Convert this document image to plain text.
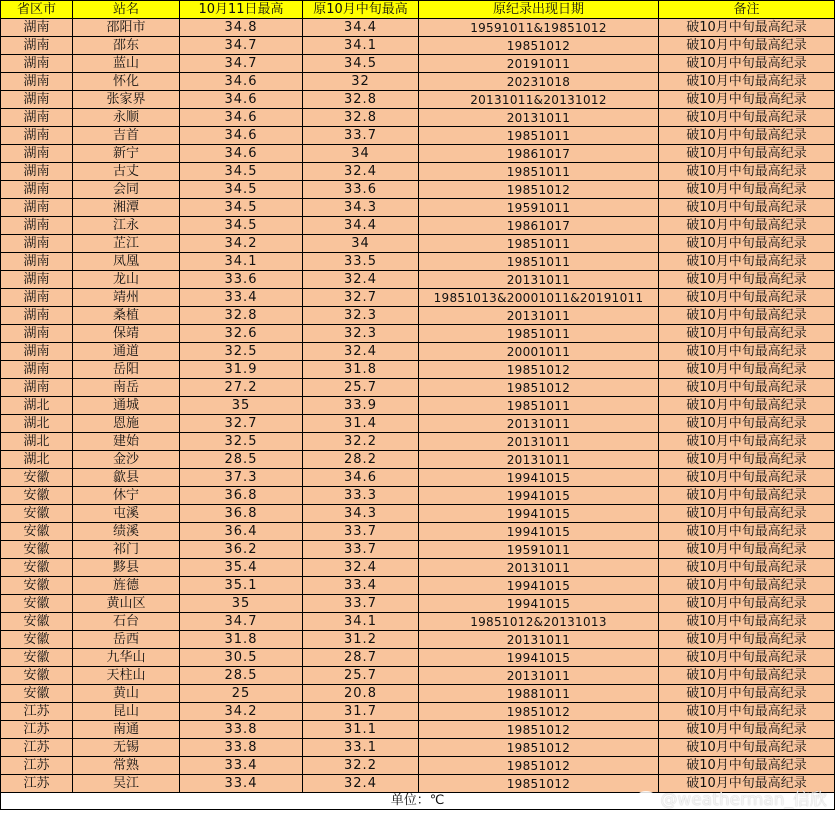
省区市	站名	10月11日最高	原10月中旬最高	原纪录出现日期	备注
湖南	邵阳市	34.8	34.4	19591011&19851012	破10月中旬最高纪录
湖南	邵东	34.7	34.1	19851012	破10月中旬最高纪录
湖南	蓝山	34.7	34.5	20191011	破10月中旬最高纪录
湖南	怀化	34.6	32	20231018	破10月中旬最高纪录
湖南	张家界	34.6	32.8	20131011&20131012	破10月中旬最高纪录
湖南	永顺	34.6	32.8	20131011	破10月中旬最高纪录
湖南	吉首	34.6	33.7	19851011	破10月中旬最高纪录
湖南	新宁	34.6	34	19861017	破10月中旬最高纪录
湖南	古丈	34.5	32.4	19851011	破10月中旬最高纪录
湖南	会同	34.5	33.6	19851012	破10月中旬最高纪录
湖南	湘潭	34.5	34.3	19591011	破10月中旬最高纪录
湖南	江永	34.5	34.4	19861017	破10月中旬最高纪录
湖南	芷江	34.2	34	19851011	破10月中旬最高纪录
湖南	凤凰	34.1	33.5	19851011	破10月中旬最高纪录
湖南	龙山	33.6	32.4	20131011	破10月中旬最高纪录
湖南	靖州	33.4	32.7	19851013&20001011&20191011	破10月中旬最高纪录
湖南	桑植	32.8	32.3	20131011	破10月中旬最高纪录
湖南	保靖	32.6	32.3	19851011	破10月中旬最高纪录
湖南	通道	32.5	32.4	20001011	破10月中旬最高纪录
湖南	岳阳	31.9	31.8	19851012	破10月中旬最高纪录
湖南	南岳	27.2	25.7	19851012	破10月中旬最高纪录
湖北	通城	35	33.9	19851011	破10月中旬最高纪录
湖北	恩施	32.7	31.4	20131011	破10月中旬最高纪录
湖北	建始	32.5	32.2	20131011	破10月中旬最高纪录
湖北	金沙	28.5	28.2	20131011	破10月中旬最高纪录
安徽	歙县	37.3	34.6	19941015	破10月中旬最高纪录
安徽	休宁	36.8	33.3	19941015	破10月中旬最高纪录
安徽	屯溪	36.8	34.3	19941015	破10月中旬最高纪录
安徽	绩溪	36.4	33.7	19941015	破10月中旬最高纪录
安徽	祁门	36.2	33.7	19591011	破10月中旬最高纪录
安徽	黟县	35.4	32.4	20131011	破10月中旬最高纪录
安徽	旌德	35.1	33.4	19941015	破10月中旬最高纪录
安徽	黄山区	35	33.7	19941015	破10月中旬最高纪录
安徽	石台	34.7	34.1	19851012&20131013	破10月中旬最高纪录
安徽	岳西	31.8	31.2	20131011	破10月中旬最高纪录
安徽	九华山	30.5	28.7	19941015	破10月中旬最高纪录
安徽	天柱山	28.5	25.7	20131011	破10月中旬最高纪录
安徽	黄山	25	20.8	19881011	破10月中旬最高纪录
江苏	昆山	34.2	31.7	19851012	破10月中旬最高纪录
江苏	南通	33.8	31.1	19851012	破10月中旬最高纪录
江苏	无锡	33.8	33.1	19851012	破10月中旬最高纪录
江苏	常熟	33.4	32.2	19851012	破10月中旬最高纪录
江苏	吴江	33.4	32.4	19851012	破10月中旬最高纪录
单位：℃						@weatherman_信欣
